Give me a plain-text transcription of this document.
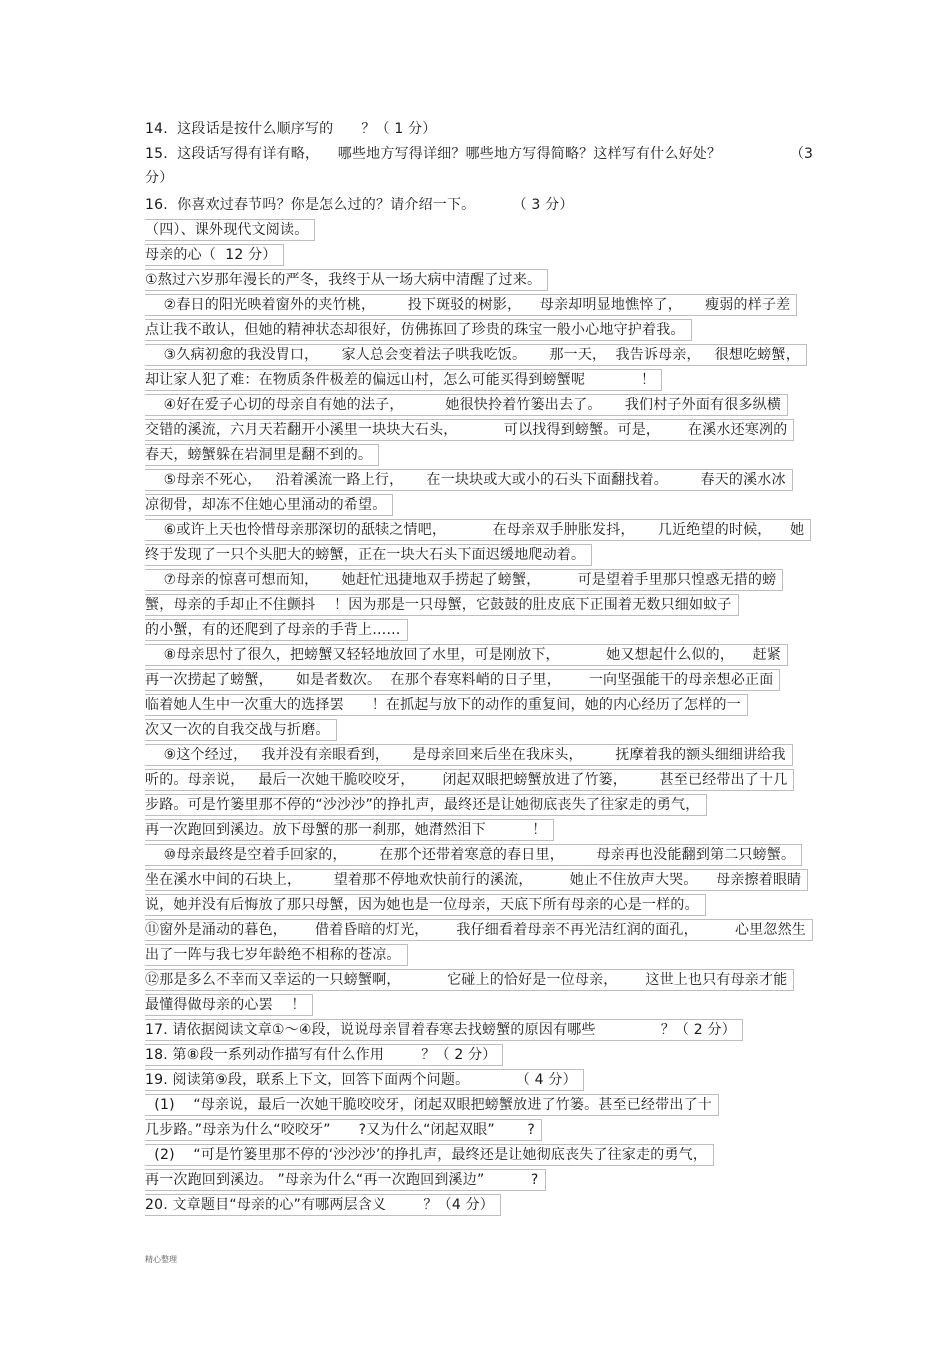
14.  这段话是按什么顺序写的      ？（ 1 分）
15.  这段话写得有详有略，    哪些地方写得详细？哪些地方写得简略？这样写有什么好处？	（3
分）
16.  你喜欢过春节吗？你是怎么过的？请介绍一下。        （ 3 分）
（四）、课外现代文阅读。
母亲的心（  12 分）
①熬过六岁那年漫长的严冬，我终于从一场大病中清醒了过来。
②春日的阳光映着窗外的夹竹桃，       投下斑驳的树影，    母亲却明显地憔悴了，     瘦弱的样子差
点让我不敢认，但她的精神状态却很好，仿佛拣回了珍贵的珠宝一般小心地守护着我。
③久病初愈的我没胃口，     家人总会变着法子哄我吃饭。     那一天，  我告诉母亲，   很想吃螃蟹，
却让家人犯了难：在物质条件极差的偏远山村，怎么可能买得到螃蟹呢            ！
④好在爱子心切的母亲自有她的法子，         她很快拎着竹篓出去了。     我们村子外面有很多纵横
交错的溪流，六月天若翻开小溪里一块块大石头，          可以找得到螃蟹。可是，      在溪水还寒冽的
春天，螃蟹躲在岩洞里是翻不到的。
⑤母亲不死心，   沿着溪流一路上行，     在一块块或大或小的石头下面翻找着。       春天的溪水冰
凉彻骨，却冻不住她心里涌动的希望。
⑥或许上天也怜惜母亲那深切的舐犊之情吧，          在母亲双手肿胀发抖，     几近绝望的时候，    她
终于发现了一只个头肥大的螃蟹，正在一块大石头下面迟缓地爬动着。
⑦母亲的惊喜可想而知，     她赶忙迅捷地双手捞起了螃蟹，        可是望着手里那只惶惑无措的螃
蟹，母亲的手却止不住颤抖    ！因为那是一只母蟹，它鼓鼓的肚皮底下正围着无数只细如蚊子
的小蟹，有的还爬到了母亲的手背上……
⑧母亲思忖了很久，把螃蟹又轻轻地放回了水里，可是刚放下，          她又想起什么似的，    赶紧
再一次捞起了螃蟹，     如是者数次。  在那个春寒料峭的日子里，      一向坚强能干的母亲想必正面
临着她人生中一次重大的选择罢      ！在抓起与放下的动作的重复间，她的内心经历了怎样的一
次又一次的自我交战与折磨。
⑨这个经过，   我并没有亲眼看到，     是母亲回来后坐在我床头，       抚摩着我的额头细细讲给我
听的。母亲说，   最后一次她干脆咬咬牙，      闭起双眼把螃蟹放进了竹篓，       甚至已经带出了十几
步路。可是竹篓里那不停的“沙沙沙”的挣扎声，最终还是让她彻底丧失了往家走的勇气，
再一次跑回到溪边。放下母蟹的那一刹那，她潸然泪下          ！
⑩母亲最终是空着手回家的，       在那个还带着寒意的春日里，       母亲再也没能翻到第二只螃蟹。
坐在溪水中间的石块上，       望着那不停地欢快前行的溪流，        她止不住放声大哭。    母亲擦着眼睛
说，她并没有后悔放了那只母蟹，因为她也是一位母亲，天底下所有母亲的心是一样的。
⑪窗外是涌动的暮色，      借着昏暗的灯光，      我仔细看着母亲不再光洁红润的面孔，        心里忽然生
出了一阵与我七岁年龄绝不相称的苍凉。
⑫那是多么不幸而又幸运的一只螃蟹啊，          它碰上的恰好是一位母亲，      这世上也只有母亲才能
最懂得做母亲的心罢    ！
17. 请依据阅读文章①～④段，说说母亲冒着春寒去找螃蟹的原因有哪些              ？（ 2 分）
18. 第⑧段一系列动作描写有什么作用        ？（ 2 分）
19. 阅读第⑨段，联系上下文，回答下面两个问题。          （ 4 分）
(1)    “母亲说，最后一次她干脆咬咬牙，闭起双眼把螃蟹放进了竹篓。甚至已经带出了十
几步路。”母亲为什么“咬咬牙”      ?又为什么“闭起双眼”       ?
(2)    “可是竹篓里那不停的‘沙沙沙’的挣扎声，最终还是让她彻底丧失了往家走的勇气，
再一次跑回到溪边。 ”母亲为什么“再一次跑回到溪边”          ?
20. 文章题目“母亲的心”有哪两层含义        ？（4 分）
精心整理
